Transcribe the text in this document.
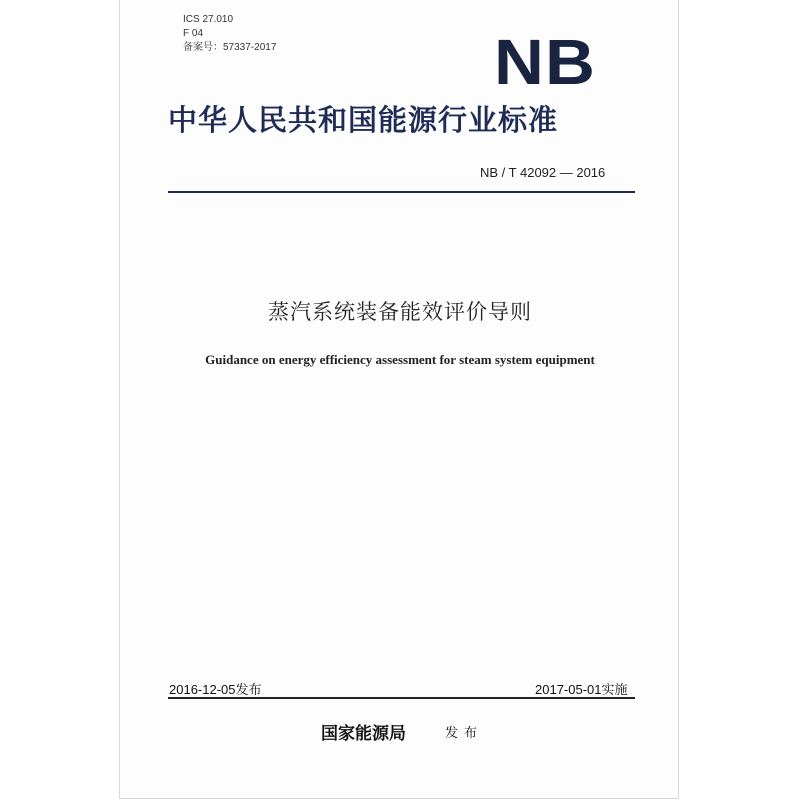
ICS 27.010
F 04
备案号：57337-2017	NB
中华人民共和国能源行业标准
NB / T 42092 — 2016
蒸汽系统装备能效评价导则
Guidance on energy efficiency assessment for steam system equipment
2016-12-05发布	2017-05-01实施
国家能源局	发布
